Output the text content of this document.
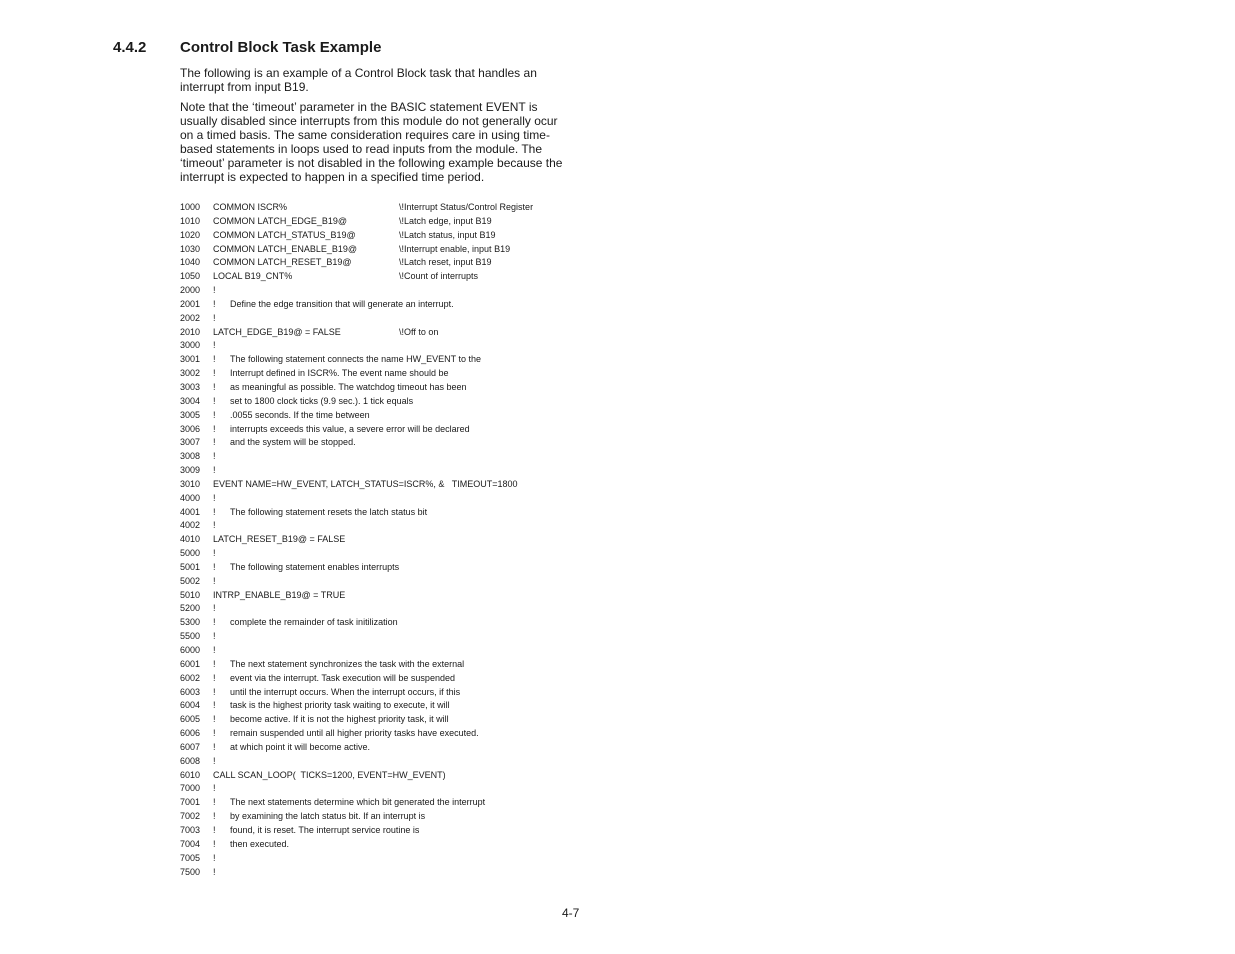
4.4.2 Control Block Task Example
The following is an example of a Control Block task that handles an interrupt from input B19.
Note that the ‘timeout’ parameter in the BASIC statement EVENT is usually disabled since interrupts from this module do not generally ocur on a timed basis. The same consideration requires care in using time-based statements in loops used to read inputs from the module. The ‘timeout’ parameter is not disabled in the following example because the interrupt is expected to happen in a specified time period.
1000 COMMON ISCR%	\!Interrupt Status/Control Register
1010 COMMON LATCH_EDGE_B19@	\!Latch edge, input B19
1020 COMMON LATCH_STATUS_B19@	\!Latch status, input B19
1030 COMMON LATCH_ENABLE_B19@	\!Interrupt enable, input B19
1040 COMMON LATCH_RESET_B19@	\!Latch reset, input B19
1050 LOCAL B19_CNT%	\!Count of interrupts
2000 !
2001 ! Define the edge transition that will generate an interrupt.
2002 !
2010 LATCH_EDGE_B19@ = FALSE	\!Off to on
3000 !
3001 ! The following statement connects the name HW_EVENT to the
3002 ! Interrupt defined in ISCR%. The event name should be
3003 ! as meaningful as possible. The watchdog timeout has been
3004 ! set to 1800 clock ticks (9.9 sec.). 1 tick equals
3005 ! .0055 seconds. If the time between
3006 ! interrupts exceeds this value, a severe error will be declared
3007 ! and the system will be stopped.
3008 !
3009 !
3010 EVENT NAME=HW_EVENT, LATCH_STATUS=ISCR%, &   TIMEOUT=1800
4000 !
4001 ! The following statement resets the latch status bit
4002 !
4010 LATCH_RESET_B19@ = FALSE
5000 !
5001 ! The following statement enables interrupts
5002 !
5010 INTRP_ENABLE_B19@ = TRUE
5200 !
5300 ! complete the remainder of task initilization
5500 !
6000 !
6001 ! The next statement synchronizes the task with the external
6002 ! event via the interrupt. Task execution will be suspended
6003 ! until the interrupt occurs. When the interrupt occurs, if this
6004 ! task is the highest priority task waiting to execute, it will
6005 ! become active. If it is not the highest priority task, it will
6006 ! remain suspended until all higher priority tasks have executed.
6007 ! at which point it will become active.
6008 !
6010 CALL SCAN_LOOP(  TICKS=1200, EVENT=HW_EVENT)
7000 !
7001 ! The next statements determine which bit generated the interrupt
7002 ! by examining the latch status bit. If an interrupt is
7003 ! found, it is reset. The interrupt service routine is
7004 ! then executed.
7005 !
7500 !
4-7
